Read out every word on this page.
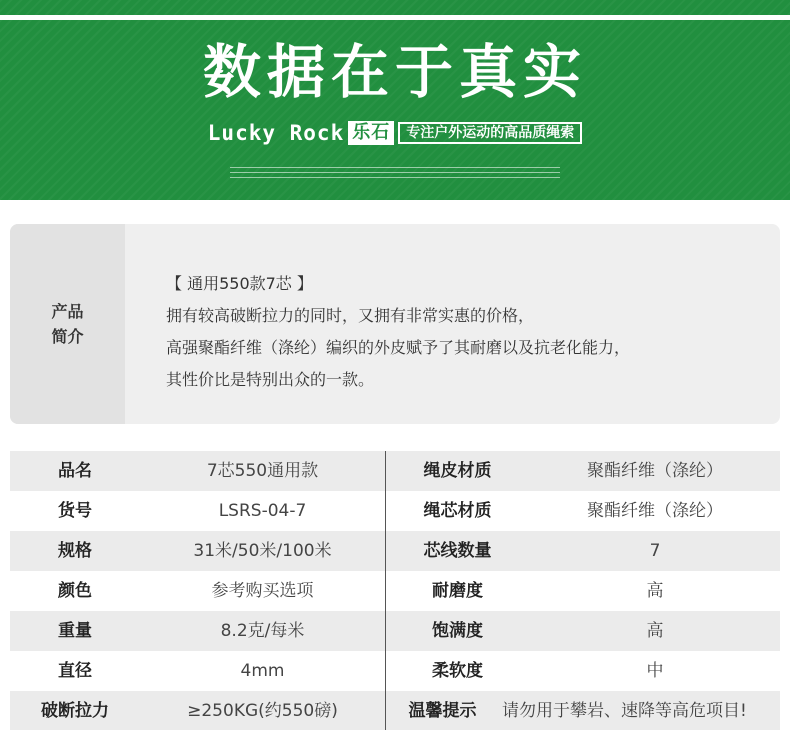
数据在于真实
Lucky Rock 乐石	专注户外运动的高品质绳索
产品
简介

【 通用550款7芯 】

拥有较高破断拉力的同时，又拥有非常实惠的价格，

高强聚酯纤维（涤纶）编织的外皮赋予了其耐磨以及抗老化能力，

其性价比是特别出众的一款。

品名	7芯550通用款	绳皮材质	聚酯纤维（涤纶）
货号	LSRS-04-7	绳芯材质	聚酯纤维（涤纶）
规格	31米/50米/100米	芯线数量	7
颜色	参考购买选项	耐磨度	高
重量	8.2克/每米	饱满度	高
直径	4mm	柔软度	中
破断拉力	≥250KG(约550磅)	温馨提示	请勿用于攀岩、速降等高危项目!
